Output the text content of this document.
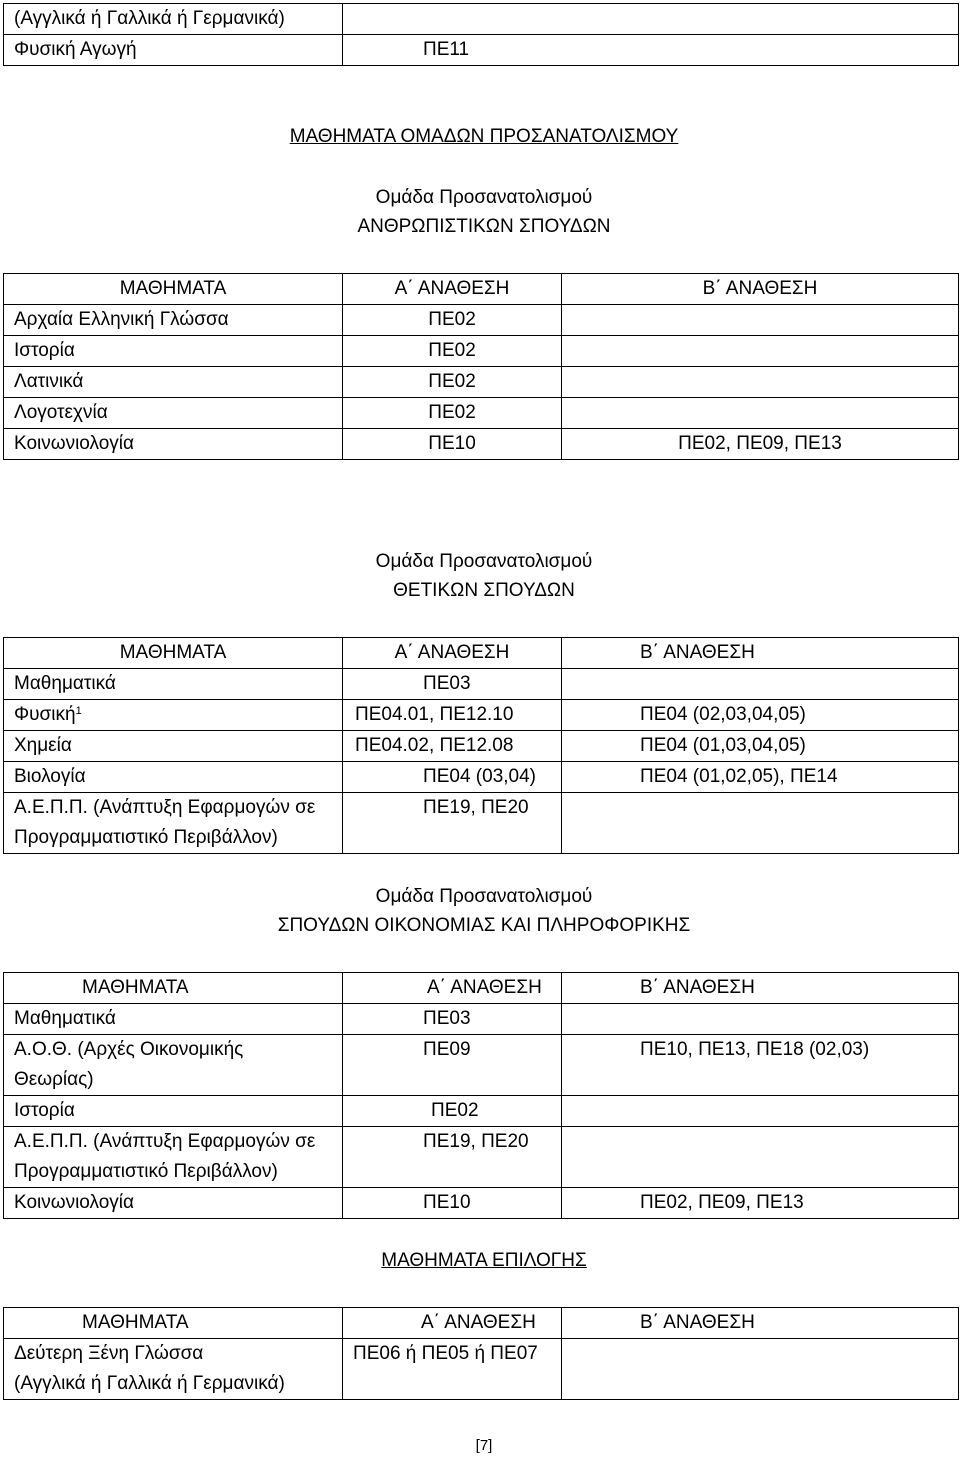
(Αγγλικά ή Γαλλικά ή Γερμανικά)	
Φυσική Αγωγή	ΠΕ11
ΜΑΘΗΜΑΤΑ ΟΜΑΔΩΝ ΠΡΟΣΑΝΑΤΟΛΙΣΜΟΥ
Ομάδα Προσανατολισμού
ΑΝΘΡΩΠΙΣΤΙΚΩΝ ΣΠΟΥΔΩΝ
ΜΑΘΗΜΑΤΑ	Α΄ ΑΝΑΘΕΣΗ	Β΄ ΑΝΑΘΕΣΗ
Αρχαία Ελληνική Γλώσσα	ΠΕ02	
Ιστορία	ΠΕ02	
Λατινικά	ΠΕ02	
Λογοτεχνία	ΠΕ02	
Κοινωνιολογία	ΠΕ10	ΠΕ02, ΠΕ09, ΠΕ13
Ομάδα Προσανατολισμού
ΘΕΤΙΚΩΝ ΣΠΟΥΔΩΝ
ΜΑΘΗΜΑΤΑ	Α΄ ΑΝΑΘΕΣΗ	Β΄ ΑΝΑΘΕΣΗ
Μαθηματικά	ΠΕ03	
Φυσική$^1$	ΠΕ04.01, ΠΕ12.10	ΠΕ04 (02,03,04,05)
Χημεία	ΠΕ04.02, ΠΕ12.08	ΠΕ04 (01,03,04,05)
Βιολογία	ΠΕ04 (03,04)	ΠΕ04 (01,02,05), ΠΕ14

Α.Ε.Π.Π. (Ανάπτυξη Εφαρμογών σε
Προγραμματιστικό Περιβάλλον)	ΠΕ19, ΠΕ20	
Ομάδα Προσανατολισμού
ΣΠΟΥΔΩΝ ΟΙΚΟΝΟΜΙΑΣ ΚΑΙ ΠΛΗΡΟΦΟΡΙΚΗΣ
ΜΑΘΗΜΑΤΑ	Α΄ ΑΝΑΘΕΣΗ	Β΄ ΑΝΑΘΕΣΗ
Μαθηματικά	ΠΕ03	

Α.Ο.Θ. (Αρχές Οικονομικής
Θεωρίας)	ΠΕ09	ΠΕ10, ΠΕ13, ΠΕ18 (02,03)
Ιστορία	ΠΕ02	

Α.Ε.Π.Π. (Ανάπτυξη Εφαρμογών σε
Προγραμματιστικό Περιβάλλον)	ΠΕ19, ΠΕ20	
Κοινωνιολογία	ΠΕ10	ΠΕ02, ΠΕ09, ΠΕ13
ΜΑΘΗΜΑΤΑ ΕΠΙΛΟΓΗΣ
ΜΑΘΗΜΑΤΑ	Α΄ ΑΝΑΘΕΣΗ	Β΄ ΑΝΑΘΕΣΗ

Δεύτερη Ξένη Γλώσσα
(Αγγλικά ή Γαλλικά ή Γερμανικά)	ΠΕ06 ή ΠΕ05 ή ΠΕ07	
[7]
